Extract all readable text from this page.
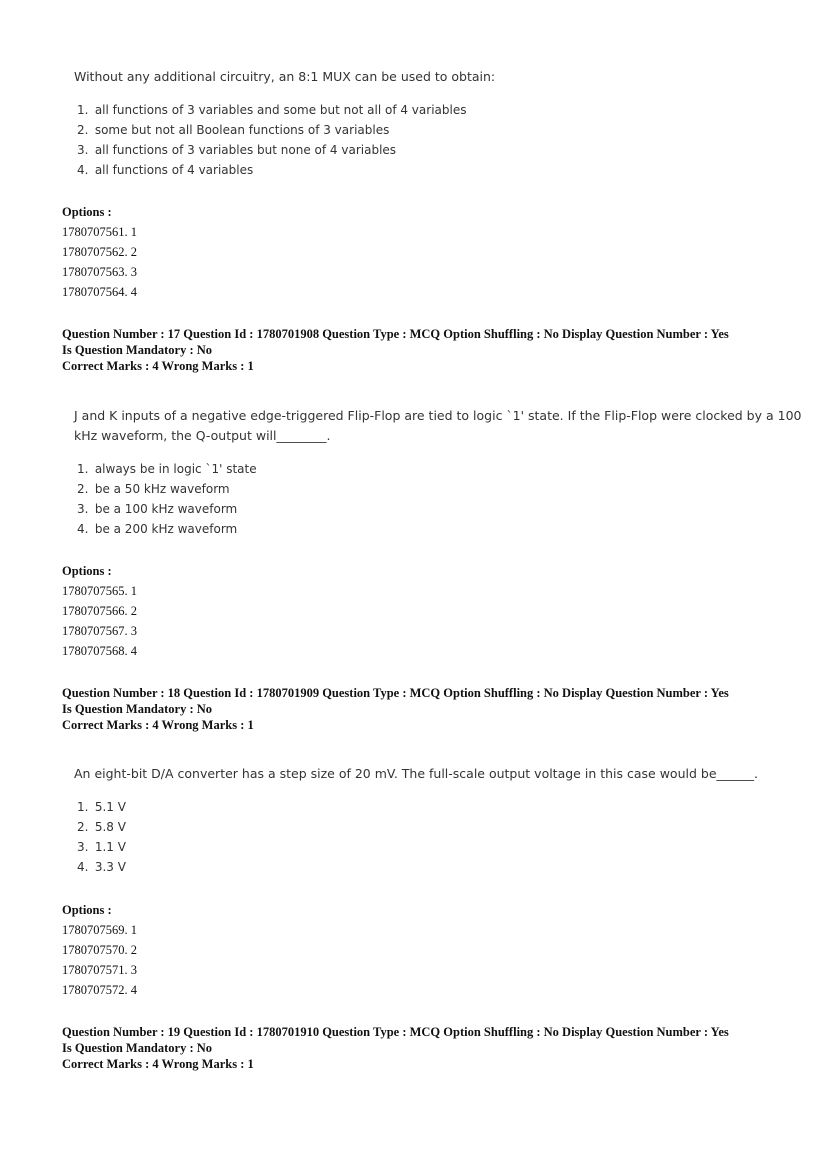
Without any additional circuitry, an 8:1 MUX can be used to obtain:

1. all functions of 3 variables and some but not all of 4 variables
2. some but not all Boolean functions of 3 variables
3. all functions of 3 variables but none of 4 variables
4. all functions of 4 variables
Options :
1780707561. 1
1780707562. 2
1780707563. 3
1780707564. 4
Question Number : 17 Question Id : 1780701908 Question Type : MCQ Option Shuffling : No Display Question Number : Yes
Is Question Mandatory : No
Correct Marks : 4 Wrong Marks : 1

J and K inputs of a negative edge-triggered Flip-Flop are tied to logic `1' state. If the Flip-Flop were clocked by a 100

kHz waveform, the Q-output will________.

1. always be in logic `1' state
2. be a 50 kHz waveform
3. be a 100 kHz waveform
4. be a 200 kHz waveform
Options :
1780707565. 1
1780707566. 2
1780707567. 3
1780707568. 4
Question Number : 18 Question Id : 1780701909 Question Type : MCQ Option Shuffling : No Display Question Number : Yes
Is Question Mandatory : No
Correct Marks : 4 Wrong Marks : 1

An eight-bit D/A converter has a step size of 20 mV. The full-scale output voltage in this case would be______.

1. 5.1 V
2. 5.8 V
3. 1.1 V
4. 3.3 V
Options :
1780707569. 1
1780707570. 2
1780707571. 3
1780707572. 4
Question Number : 19 Question Id : 1780701910 Question Type : MCQ Option Shuffling : No Display Question Number : Yes
Is Question Mandatory : No
Correct Marks : 4 Wrong Marks : 1
